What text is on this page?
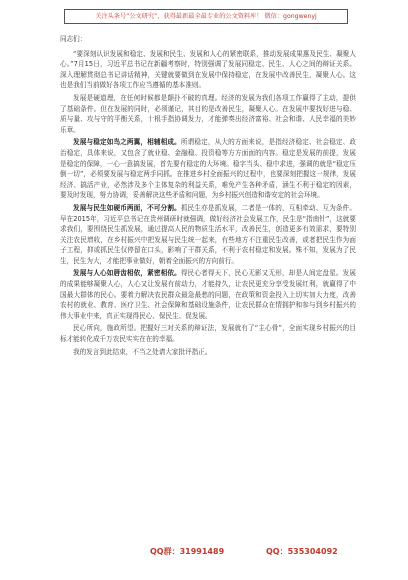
关注头条号“公文研究”，获得最新最全最专业的公文资料库！ 微信：gongwenyj

同志们：

“要深刻认识发展和稳定、发展和民生、发展和人心的紧密联系，推动发展成果惠及民生、凝聚人心。”7月15日，习近平总书记在新疆考察时，特别强调了发展同稳定、民生、人心之间的辩证关系。深入理解贯彻总书记讲话精神，关键就要做到在发展中保持稳定，在发展中改善民生，凝聚人心。这也是我们当前做好各项工作应当遵循的基本准则。

发展是硬道理，在任何时候都是颠扑不破的真理。经济的发展为我们各项工作赢得了主动，提供了基础条件。但在发展的同时，必须谨记，其目的是改善民生，凝聚人心。在发展中要找好进与稳、质与量、攻与守的平衡关系，十根手指协调发力，才能弹奏出经济富裕、社会和谐、人民幸福的美妙乐章。

发展与稳定如鸟之两翼，相辅相成。所谓稳定，从大的方面来说，是指经济稳定、社会稳定、政治稳定，具体来说，又包含了就业稳、金融稳、投资稳等方方面面的内容。稳定是发展的前提，发展是稳定的保障，一心一意搞发展，首先要有稳定的大环境。稳字当头、稳中求进，强调的就是“稳定压倒一切”，必须要发展与稳定两手同抓。在推进乡村全面振兴的过程中，也要深刻把握这一规律，发展经济、搞活产业，必然涉及多个主体复杂的利益关系，难免产生各种矛盾，涵生不利于稳定的因素，要及时发现，努力协调，妥善解决这些矛盾和问题，为乡村振兴创造和谐安定的社会环境。

发展与民生如硬币两面，不可分割。抓民生亦是抓发展，二者是一体的，互相牵动、互为条件。早在2015年，习近平总书记在贵州调研时就强调，做好经济社会发展工作，民生是“指南针”，这就要求我们，要围绕民生抓发展，通过提高人民的物质生活水平，改善民生，创造更多有效需求，要特别关注农民增收，在乡村振兴中把发展与民生统一起来，有些地方不注重民生改善，或者把民生作为面子工程，抑或抓民生仅停留在口头，影响了干群关系，不利于农村稳定和发展。殊不知，发展为了民生，民生为大，才能把事业做好，朝着全面振兴的方向前行。

发展与人心如唇齿相依，紧密相依。得民心者得天下，民心无影又无形，却是人间定盘星。发展的成果能够凝聚人心，人心又让发展有前动力，才能持久，让农民更充分享受发展红利，就赢得了中国最大群体的民心。要着力解决农民群众最急最愁的问题，在政策和资金投入上切实加大力度，改善农村的就业、教育、医疗卫生、社会保障和基础设施条件，让农民群众在情拥护和参与到乡村振兴的伟大事业中来，真正实现得民心、保民生、促发展。

民心所向，施政所望。把握好三对关系的辩证法，发展就有了“主心骨”，全面实现乡村振兴的目标才能转化成千万农民实实在在的幸福。

我的发言到此结束，不当之处请大家批评指正。

QQ群：31991489	QQ：535304092
